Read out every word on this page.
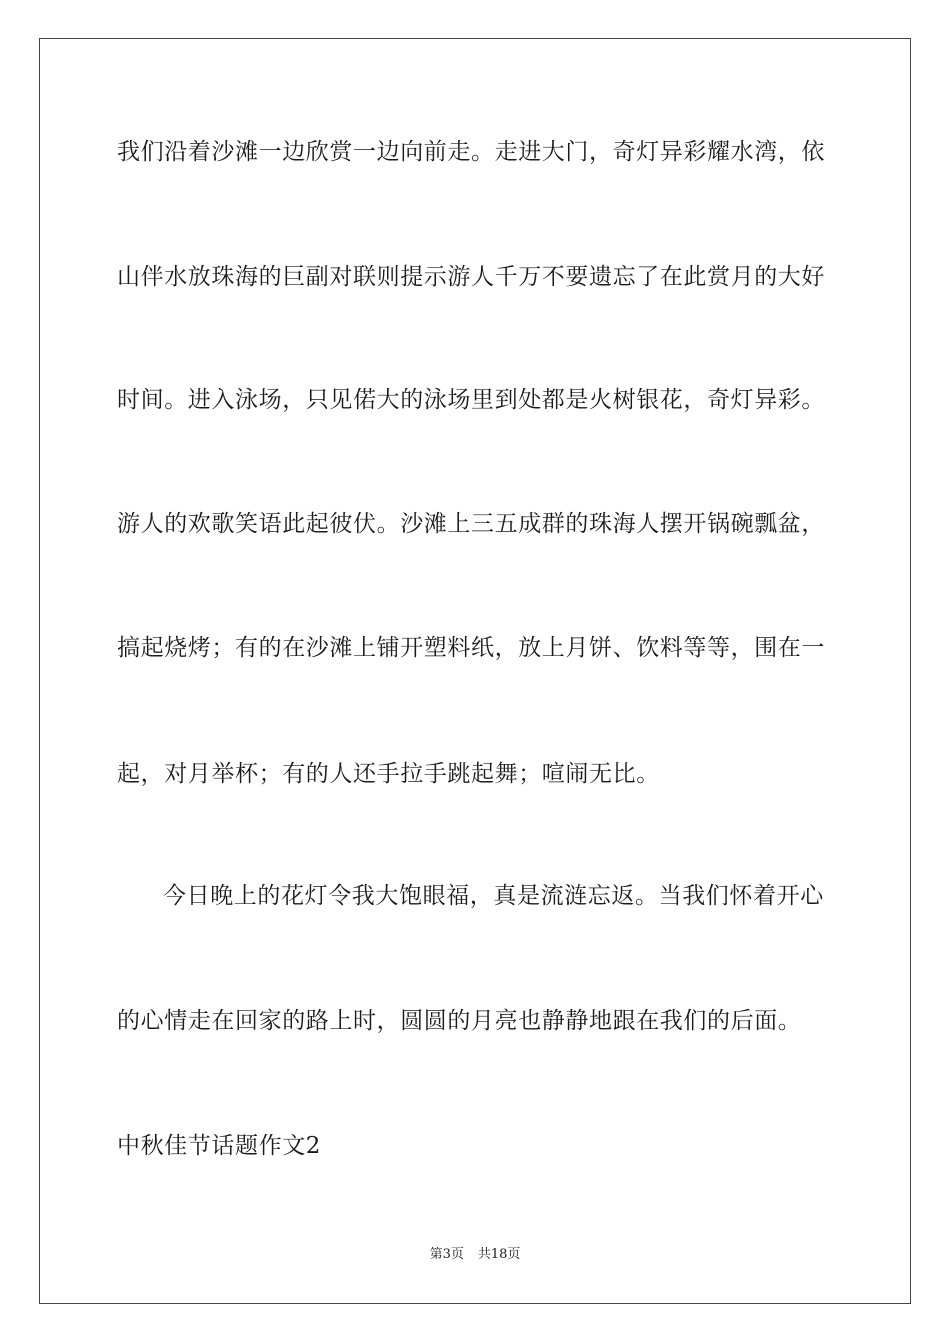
我们沿着沙滩一边欣赏一边向前走。走进大门，奇灯异彩耀水湾，依
山伴水放珠海的巨副对联则提示游人千万不要遗忘了在此赏月的大好
时间。进入泳场，只见偌大的泳场里到处都是火树银花，奇灯异彩。
游人的欢歌笑语此起彼伏。沙滩上三五成群的珠海人摆开锅碗瓢盆，
搞起烧烤；有的在沙滩上铺开塑料纸，放上月饼、饮料等等，围在一
起，对月举杯；有的人还手拉手跳起舞；喧闹无比。
今日晚上的花灯令我大饱眼福，真是流涟忘返。当我们怀着开心
的心情走在回家的路上时，圆圆的月亮也静静地跟在我们的后面。
中秋佳节话题作文2
第3页 共18页
